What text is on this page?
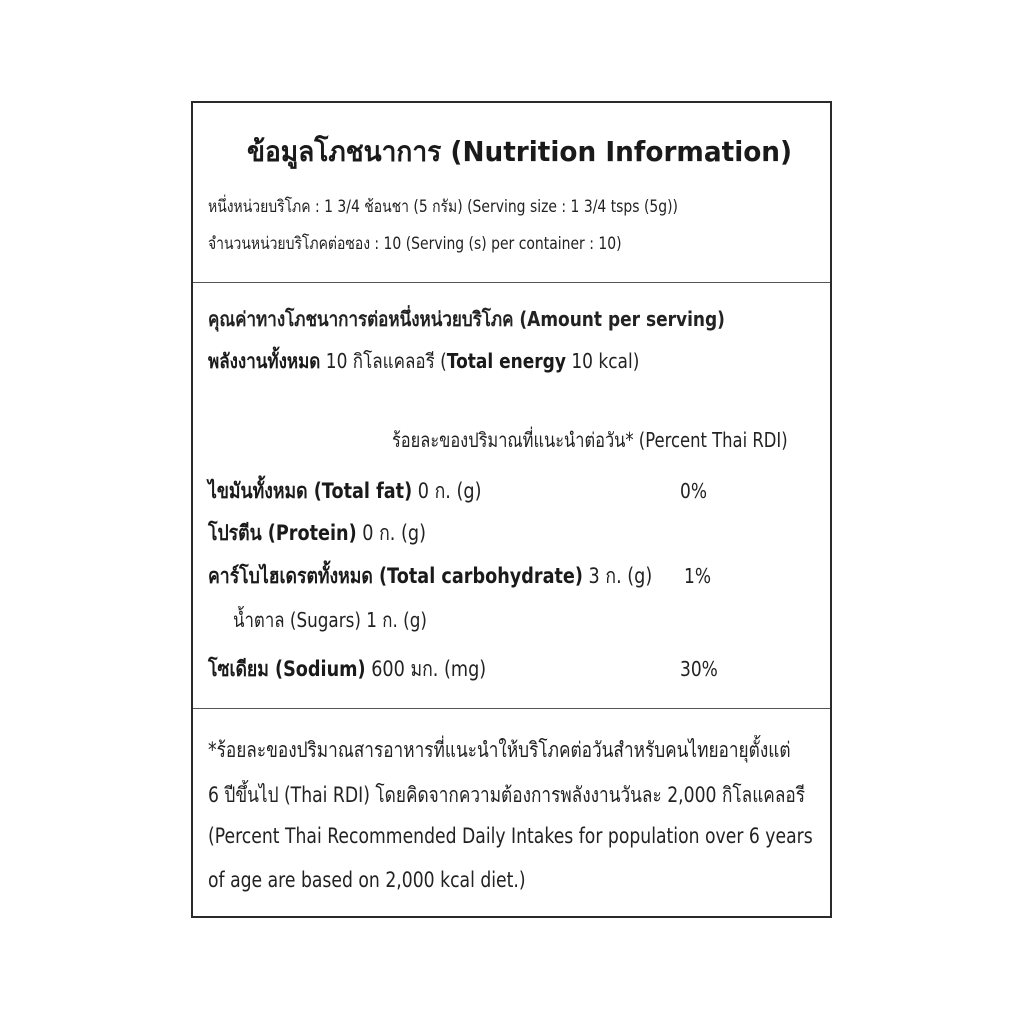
ข้อมูลโภชนาการ (Nutrition Information)
หนึ่งหน่วยบริโภค : 1 3/4 ช้อนชา (5 กรัม) (Serving size : 1 3/4 tsps (5g))
จำนวนหน่วยบริโภคต่อซอง : 10 (Serving (s) per container : 10)
คุณค่าทางโภชนาการต่อหนึ่งหน่วยบริโภค (Amount per serving)
พลังงานทั้งหมด 10 กิโลแคลอรี (Total energy 10 kcal)
ร้อยละของปริมาณที่แนะนำต่อวัน* (Percent Thai RDI)
ไขมันทั้งหมด (Total fat) 0 ก. (g)	0%
โปรตีน (Protein) 0 ก. (g)
คาร์โบไฮเดรตทั้งหมด (Total carbohydrate) 3 ก. (g) 1%
น้ำตาล (Sugars) 1 ก. (g)
โซเดียม (Sodium) 600 มก. (mg)	30%
*ร้อยละของปริมาณสารอาหารที่แนะนำให้บริโภคต่อวันสำหรับคนไทยอายุตั้งแต่
6 ปีขึ้นไป (Thai RDI) โดยคิดจากความต้องการพลังงานวันละ 2,000 กิโลแคลอรี
(Percent Thai Recommended Daily Intakes for population over 6 years
of age are based on 2,000 kcal diet.)
